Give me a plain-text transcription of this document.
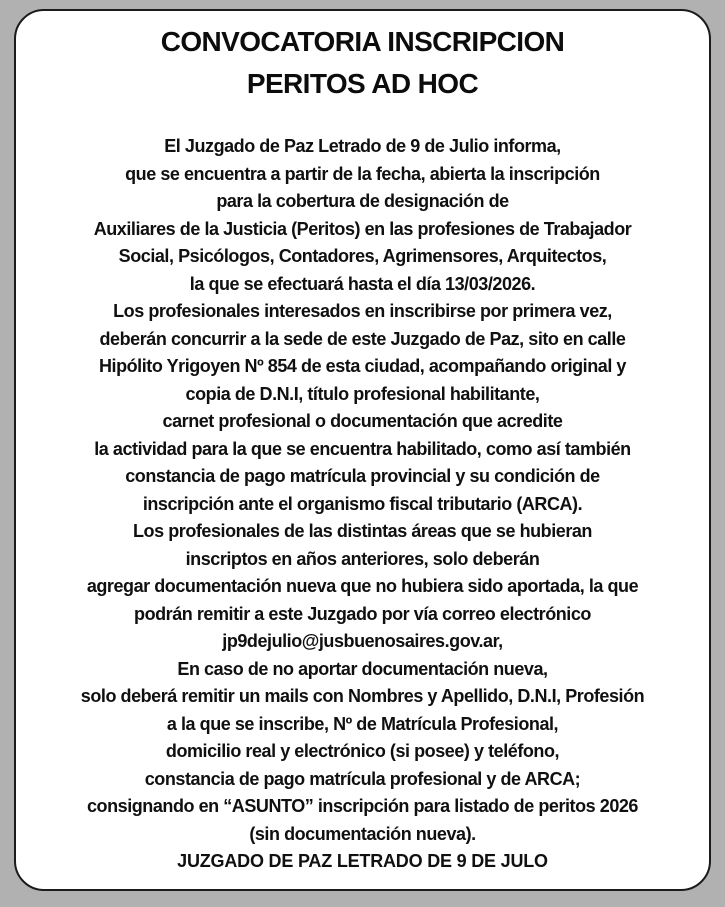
CONVOCATORIA INSCRIPCION
PERITOS AD HOC
El Juzgado de Paz Letrado de 9 de Julio informa,
que se encuentra a partir de la fecha, abierta la inscripción
para la cobertura de designación de
Auxiliares de la Justicia (Peritos) en las profesiones de Trabajador
Social, Psicólogos, Contadores, Agrimensores, Arquitectos,
la que se efectuará hasta el día 13/03/2026.
Los profesionales interesados en inscribirse por primera vez,
deberán concurrir a la sede de este Juzgado de Paz, sito en calle
Hipólito Yrigoyen Nº 854 de esta ciudad, acompañando original y
copia de D.N.I, título profesional habilitante,
carnet profesional o documentación que acredite
la actividad para la que se encuentra habilitado, como así también
constancia de pago matrícula provincial y su condición de
inscripción ante el organismo fiscal tributario (ARCA).
Los profesionales de las distintas áreas que se hubieran
inscriptos en años anteriores, solo deberán
agregar documentación nueva que no hubiera sido aportada, la que
podrán remitir a este Juzgado por vía correo electrónico
jp9dejulio@jusbuenosaires.gov.ar,
En caso de no aportar documentación nueva,
solo deberá remitir un mails con Nombres y Apellido, D.N.I, Profesión
a la que se inscribe, Nº de Matrícula Profesional,
domicilio real y electrónico (si posee) y teléfono,
constancia de pago matrícula profesional y de ARCA;
consignando en “ASUNTO” inscripción para listado de peritos 2026
(sin documentación nueva).
JUZGADO DE PAZ LETRADO DE 9 DE JULO
